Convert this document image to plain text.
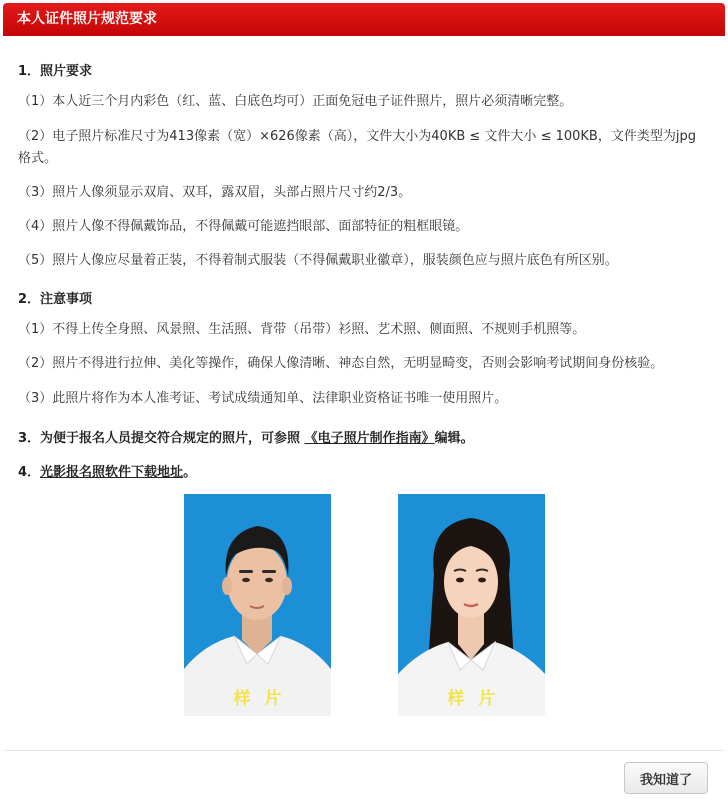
本人证件照片规范要求

1．照片要求

（1）本人近三个月内彩色（红、蓝、白底色均可）正面免冠电子证件照片，照片必须清晰完整。

（2）电子照片标准尺寸为413像素（宽）×626像素（高），文件大小为40KB ≤ 文件大小 ≤ 100KB，文件类型为jpg格式。

（3）照片人像须显示双肩、双耳，露双眉，头部占照片尺寸约2/3。

（4）照片人像不得佩戴饰品，不得佩戴可能遮挡眼部、面部特征的粗框眼镜。

（5）照片人像应尽量着正装，不得着制式服装（不得佩戴职业徽章），服装颜色应与照片底色有所区别。

2．注意事项

（1）不得上传全身照、风景照、生活照、背带（吊带）衫照、艺术照、侧面照、不规则手机照等。

（2）照片不得进行拉伸、美化等操作，确保人像清晰、神态自然，无明显畸变，否则会影响考试期间身份核验。

（3）此照片将作为本人准考证、考试成绩通知单、法律职业资格证书唯一使用照片。

3．为便于报名人员提交符合规定的照片，可参照 《电子照片制作指南》编辑。

4．光影报名照软件下载地址。

样片	样片
我知道了
